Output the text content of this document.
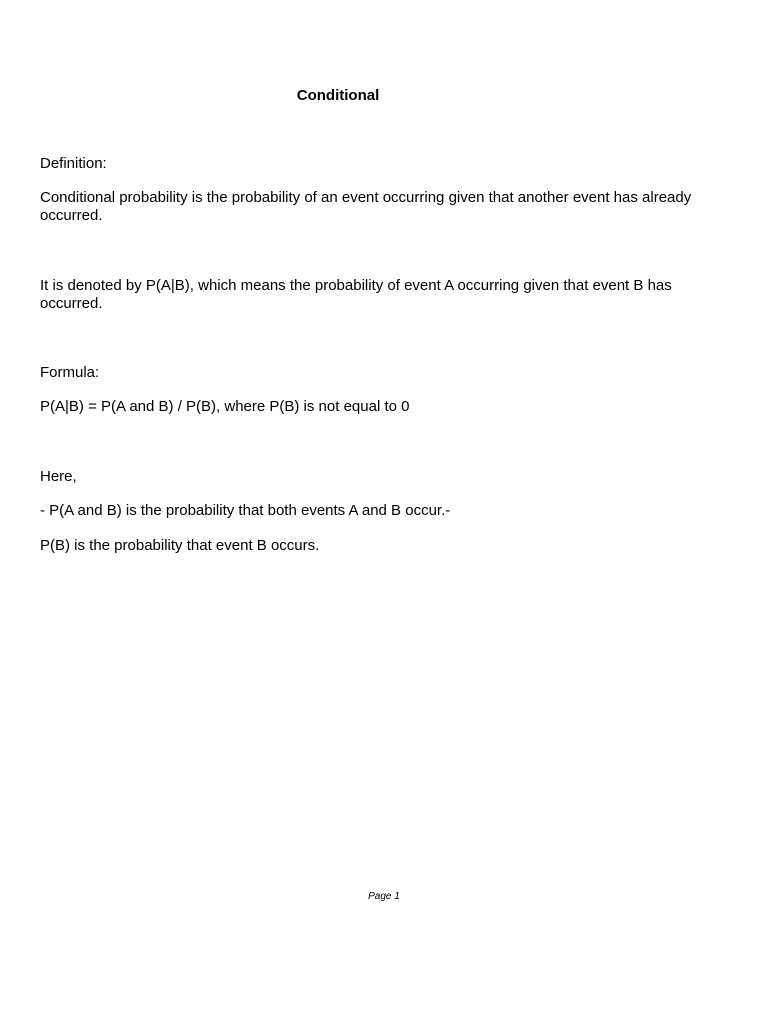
Conditional

Definition:

Conditional probability is the probability of an event occurring given that another event has already occurred.

It is denoted by P(A|B), which means the probability of event A occurring given that event B has occurred.

Formula:

P(A|B) = P(A and B) / P(B), where P(B) is not equal to 0

Here,

- P(A and B) is the probability that both events A and B occur.-

P(B) is the probability that event B occurs.

Page 1
